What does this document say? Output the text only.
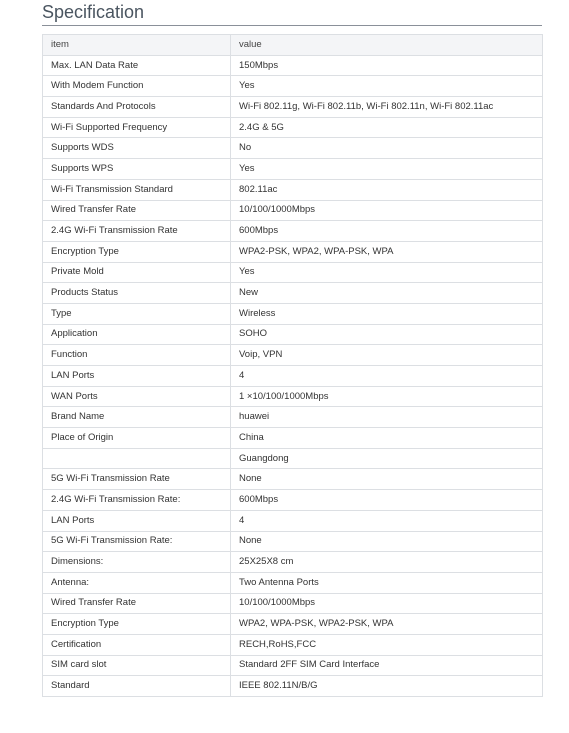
Specification
item	value
Max. LAN Data Rate	150Mbps
With Modem Function	Yes
Standards And Protocols	Wi-Fi 802.11g, Wi-Fi 802.11b, Wi-Fi 802.11n, Wi-Fi 802.11ac
Wi-Fi Supported Frequency	2.4G & 5G
Supports WDS	No
Supports WPS	Yes
Wi-Fi Transmission Standard	802.11ac
Wired Transfer Rate	10/100/1000Mbps
2.4G Wi-Fi Transmission Rate	600Mbps
Encryption Type	WPA2-PSK, WPA2, WPA-PSK, WPA
Private Mold	Yes
Products Status	New
Type	Wireless
Application	SOHO
Function	Voip, VPN
LAN Ports	4
WAN Ports	1 ×10/100/1000Mbps
Brand Name	huawei
Place of Origin	China
	Guangdong
5G Wi-Fi Transmission Rate	None
2.4G Wi-Fi Transmission Rate:	600Mbps
LAN Ports	4
5G Wi-Fi Transmission Rate:	None
Dimensions:	25X25X8 cm
Antenna:	Two Antenna Ports
Wired Transfer Rate	10/100/1000Mbps
Encryption Type	WPA2, WPA-PSK, WPA2-PSK, WPA
Certification	RECH,RoHS,FCC
SIM card slot	Standard 2FF SIM Card Interface
Standard	IEEE 802.11N/B/G
